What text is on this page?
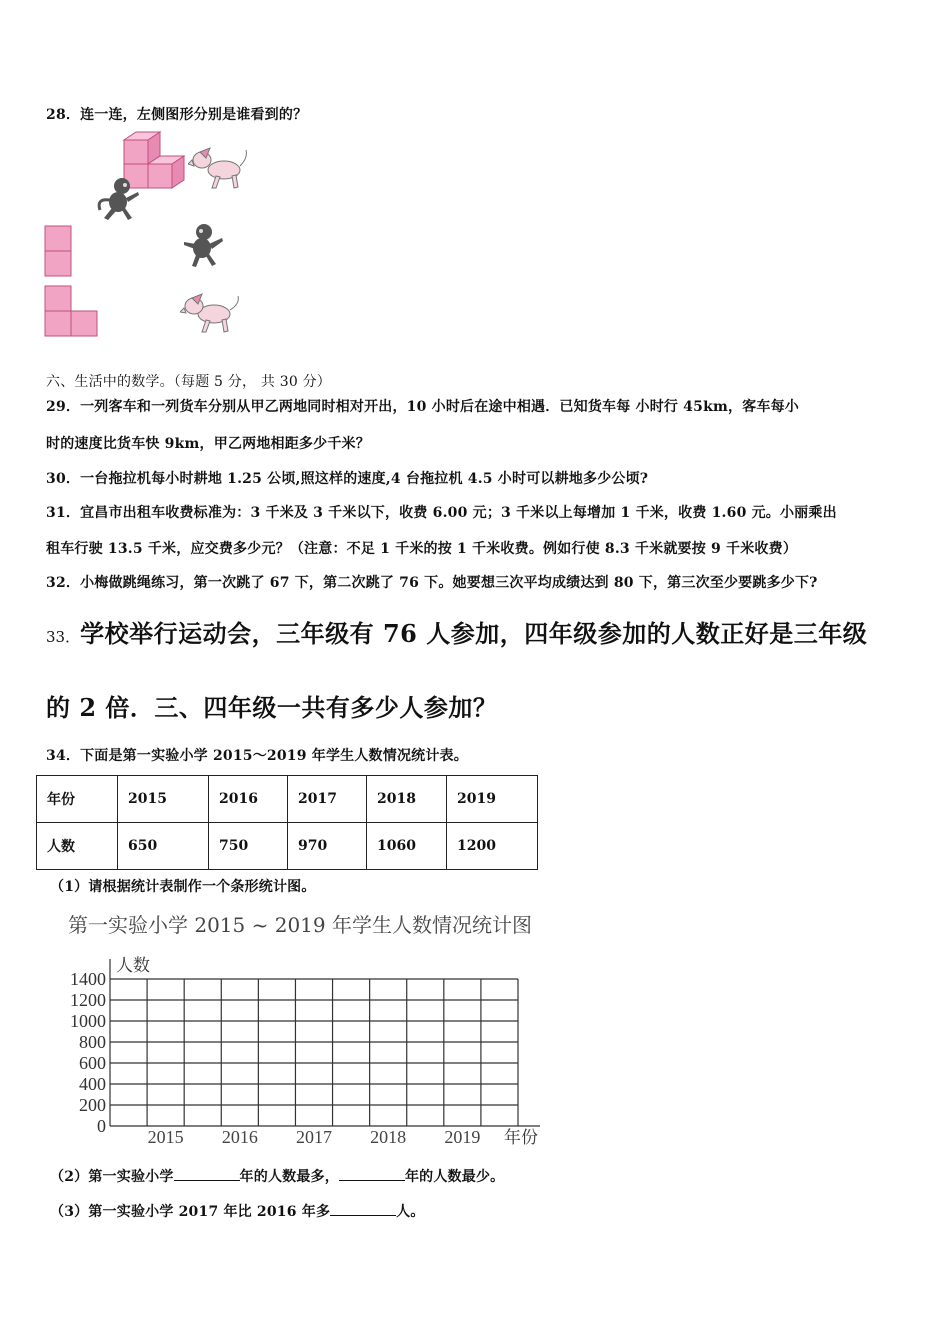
28．连一连，左侧图形分别是谁看到的？
六、生活中的数学。（每题 5 分， 共 30 分）
29．一列客车和一列货车分别从甲乙两地同时相对开出，10 小时后在途中相遇．已知货车每 小时行 45km，客车每小
时的速度比货车快 9km，甲乙两地相距多少千米？
30．一台拖拉机每小时耕地 1.25 公顷,照这样的速度,4 台拖拉机 4.5 小时可以耕地多少公顷?
31．宜昌市出租车收费标准为：3 千米及 3 千米以下，收费 6.00 元；3 千米以上每增加 1 千米，收费 1.60 元。小丽乘出
租车行驶 13.5 千米，应交费多少元？（注意：不足 1 千米的按 1 千米收费。例如行使 8.3 千米就要按 9 千米收费）
32．小梅做跳绳练习，第一次跳了 67 下，第二次跳了 76 下。她要想三次平均成绩达到 80 下，第三次至少要跳多少下?
33．学校举行运动会，三年级有 76 人参加，四年级参加的人数正好是三年级
的 2 倍．三、四年级一共有多少人参加？
34．下面是第一实验小学 2015～2019 年学生人数情况统计表。
年份	2015	2016	2017	2018	2019
人数	650	750	970	1060	1200
（1）请根据统计表制作一个条形统计图。
第一实验小学 2015 ~ 2019 年学生人数情况统计图
1400
1200
1000
800
600
400
200
0
2015 2016 2017 2018 2019
人数
年份
（2）第一实验小学	年的人数最多，	年的人数最少。
（3）第一实验小学 2017 年比 2016 年多	人。
